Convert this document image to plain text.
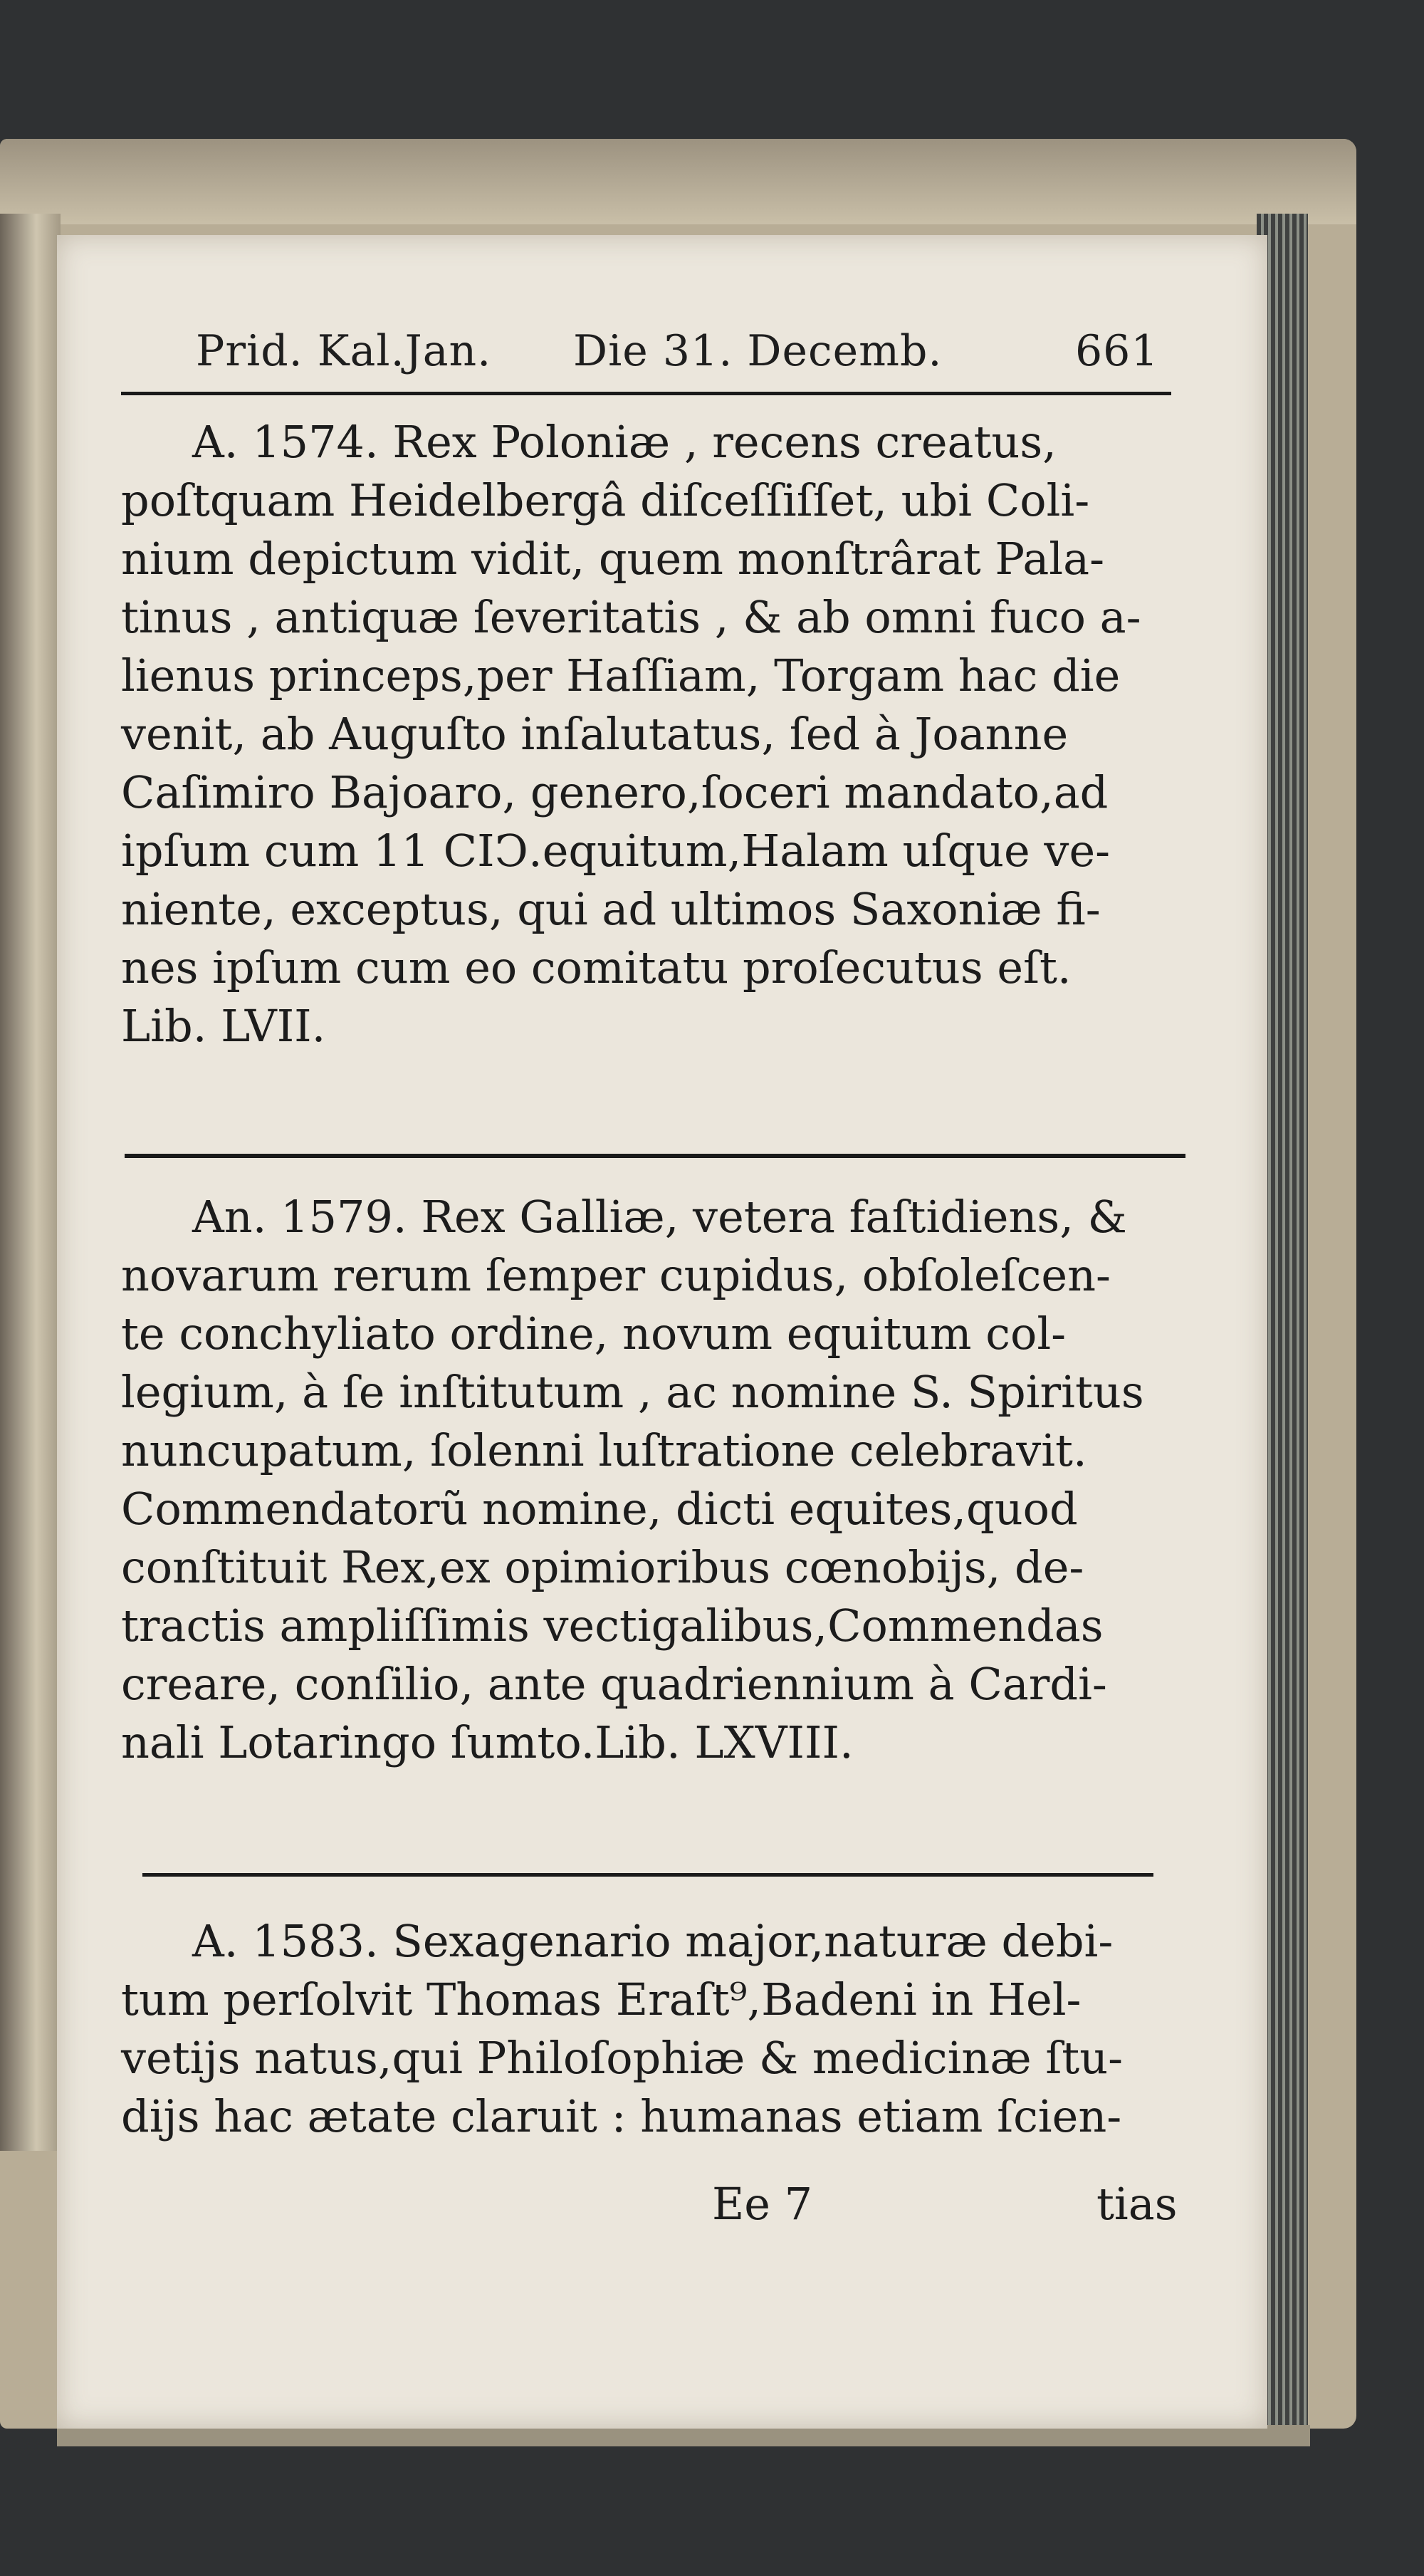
Prid. Kal.Jan. Die 31. Decemb.	661
A. 1574. Rex Poloniæ , recens creatus,
poſtquam Heidelbergâ diſceſſiſſet, ubi Coli-
nium depictum vidit, quem monſtrârat Pala-
tinus , antiquæ ſeveritatis , & ab omni fuco a-
lienus princeps,per Haſſiam, Torgam hac die
venit, ab Auguſto inſalutatus, ſed à Joanne
Caſimiro Bajoaro, genero,ſoceri mandato,ad
ipſum cum 11 CIↃ.equitum,Halam uſque ve-
niente, exceptus, qui ad ultimos Saxoniæ fi-
nes ipſum cum eo comitatu proſecutus eſt.
Lib. LVII.
An. 1579. Rex Galliæ, vetera faſtidiens, &
novarum rerum ſemper cupidus, obſoleſcen-
te conchyliato ordine, novum equitum col-
legium, à ſe inſtitutum , ac nomine S. Spiritus
nuncupatum, ſolenni luſtratione celebravit.
Commendatorũ nomine, dicti equites,quod
conſtituit Rex,ex opimioribus cœnobijs, de-
tractis ampliſſimis vectigalibus,Commendas
creare, conſilio, ante quadriennium à Cardi-
nali Lotaringo ſumto.Lib. LXVIII.
A. 1583. Sexagenario major,naturæ debi-
tum perſolvit Thomas Eraſt⁹,Badeni in Hel-
vetijs natus,qui Philoſophiæ & medicinæ ſtu-
dijs hac ætate claruit : humanas etiam ſcien-
Ee 7	tias
